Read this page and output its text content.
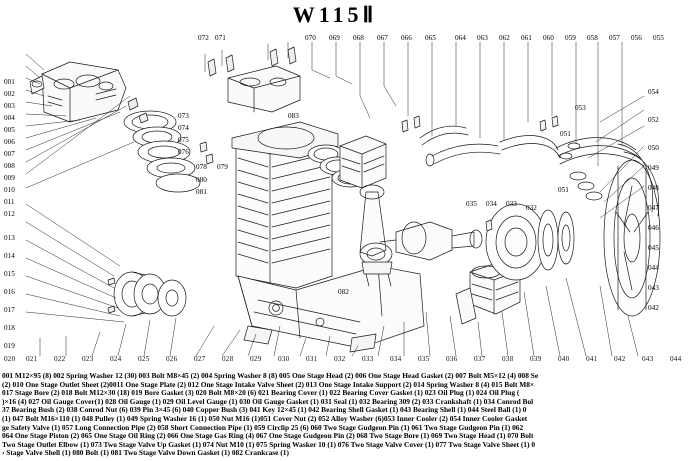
W115Ⅱ
072 071	070 069 068 067 066 065	064 063 062 061 060 059 058 057 056 055
001
002
003
004
005
006
007
008
009
010
011
012
013
014
015
016
017
018
019
073
074
075
076
078 079
080
081
082
083
035 034 033 032
054
053
052
051
050
049
048
047
046
045
044
043
042
051
020 021 022 023 024 025 026 027 028 029 030 031 032 033 034 035 036 037 038 039 040 041 042 043 044
001 M12×95 (8) 002 Spring Washer 12 (30) 003 Bolt M8×45 (2) 004 Spring Washer 8 (8) 005 One Stage Head (2) 006 One Stage Head Gasket (2) 007 Bolt M5×12 (4) 008 Se
(2) 010 One Stage Outlet Sheet (2)0011 One Stage Plate (2) 012 One Stage Intake Valve Sheet (2) 013 One Stage Intake Support (2) 014 Spring Washer 8 (4) 015 Bolt M8×
017 Stage Bore (2) 018 Bolt M12×30 (18) 019 Bore Gasket (3) 020 Bolt M8×20 (6) 021 Bearing Cover (1) 022 Bearing Cover Gasket (1) 023 Oil Plug (1) 024 Oil Plug (
)×16 (4) 027 Oil Gauge Cover(1) 028 Oil Gauge (1) 029 Oil Level Gauge (1) 030 Oil Gauge Gasket (1) 031 Seal (1) 032 Bearing 309 (2) 033 Crankshaft (1) 034 Conrod Bol
37 Bearing Bush (2) 038 Conrod Nut (6) 039 Pin 3×45 (6) 040 Copper Bush (3) 041 Key 12×45 (1) 042 Bearing Shell Gasket (1) 043 Bearing Shell (1) 044 Steel Ball (1) 0
(1) 047 Bolt M16×110 (1) 048 Pulley (1) 049 Spring Washer 16 (1) 050 Nut M16 (1)051 Cover Nut (2) 052 Alloy Washer (6)053 Inner Cooler (2) 054 Inner Cooler Gasket
ge Safety Valve (1) 057 Long Connection Pipe (2) 058 Short Connection Pipe (1) 059 Circlip 25 (6) 060 Two Stage Gudgeon Pin (1) 061 Two Stage Gudgeon Pin (1) 062
064 One Stage Piston (2) 065 One Stage Oil Ring (2) 066 One Stage Gas Ring (4) 067 One Stage Gudgeon Pin (2) 068 Two Stage Bore (1) 069 Two Stage Head (1) 070 Bolt
Two Stage Outlet Elbow (1) 073 Two Stage Valve Up Gasket (1) 074 Nut M10 (1) 075 Spring Wasker 10 (1) 076 Two Stage Valve Cover (1) 077 Two Stage Valve Sheet (1) 0
› Stage Valve Shell (1) 080 Bolt (1) 081 Two Stage Valve Down Gasket (1) 082 Crankcase (1)
